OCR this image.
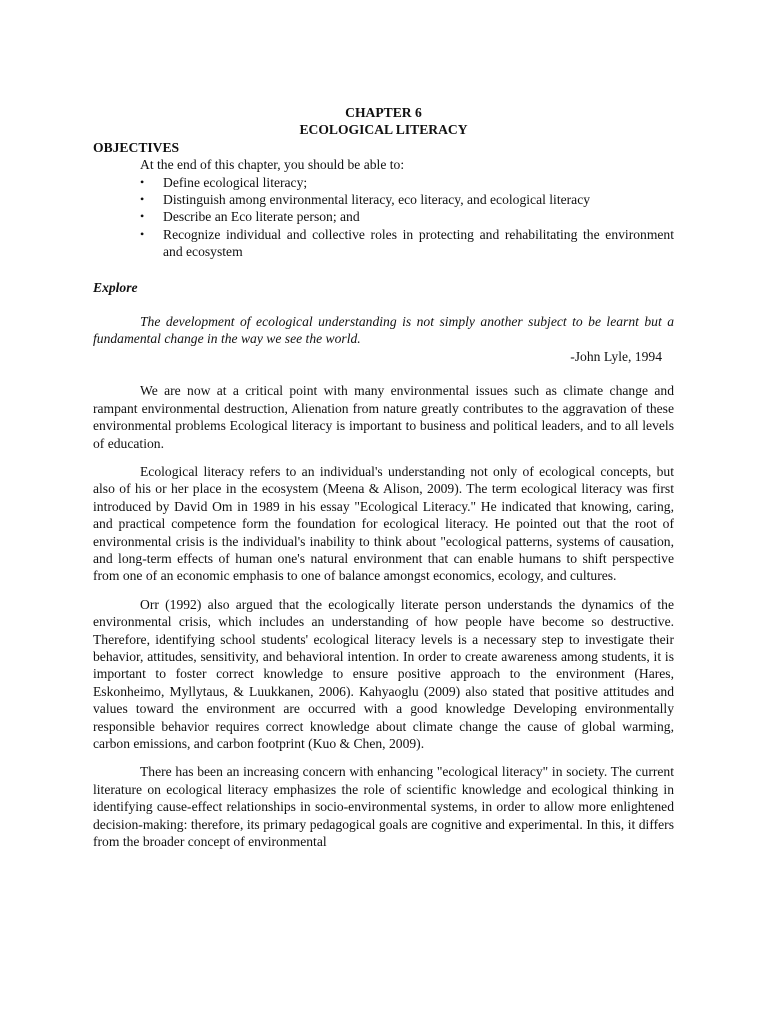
CHAPTER 6
ECOLOGICAL LITERACY
OBJECTIVES
At the end of this chapter, you should be able to:
• Define ecological literacy;
• Distinguish among environmental literacy, eco literacy, and ecological literacy
• Describe an Eco literate person; and
• Recognize individual and collective roles in protecting and rehabilitating the environment and ecosystem
Explore
The development of ecological understanding is not simply another subject to be learnt but a fundamental change in the way we see the world.
-John Lyle, 1994

We are now at a critical point with many environmental issues such as climate change and rampant environmental destruction, Alienation from nature greatly contributes to the aggravation of these environmental problems Ecological literacy is important to business and political leaders, and to all levels of education.

Ecological literacy refers to an individual's understanding not only of ecological concepts, but also of his or her place in the ecosystem (Meena & Alison, 2009). The term ecological literacy was first introduced by David Om in 1989 in his essay "Ecological Literacy." He indicated that knowing, caring, and practical competence form the foundation for ecological literacy. He pointed out that the root of environmental crisis is the individual's inability to think about "ecological patterns, systems of causation, and long-term effects of human one's natural environment that can enable humans to shift perspective from one of an economic emphasis to one of balance amongst economics, ecology, and cultures.

Orr (1992) also argued that the ecologically literate person understands the dynamics of the environmental crisis, which includes an understanding of how people have become so destructive. Therefore, identifying school students' ecological literacy levels is a necessary step to investigate their behavior, attitudes, sensitivity, and behavioral intention. In order to create awareness among students, it is important to foster correct knowledge to ensure positive approach to the environment (Hares, Eskonheimo, Myllytaus, & Luukkanen, 2006). Kahyaoglu (2009) also stated that positive attitudes and values toward the environment are occurred with a good knowledge Developing environmentally responsible behavior requires correct knowledge about climate change the cause of global warming, carbon emissions, and carbon footprint (Kuo & Chen, 2009).

There has been an increasing concern with enhancing "ecological literacy" in society. The current literature on ecological literacy emphasizes the role of scientific knowledge and ecological thinking in identifying cause-effect relationships in socio-environmental systems, in order to allow more enlightened decision-making: therefore, its primary pedagogical goals are cognitive and experimental. In this, it differs from the broader concept of environmental
